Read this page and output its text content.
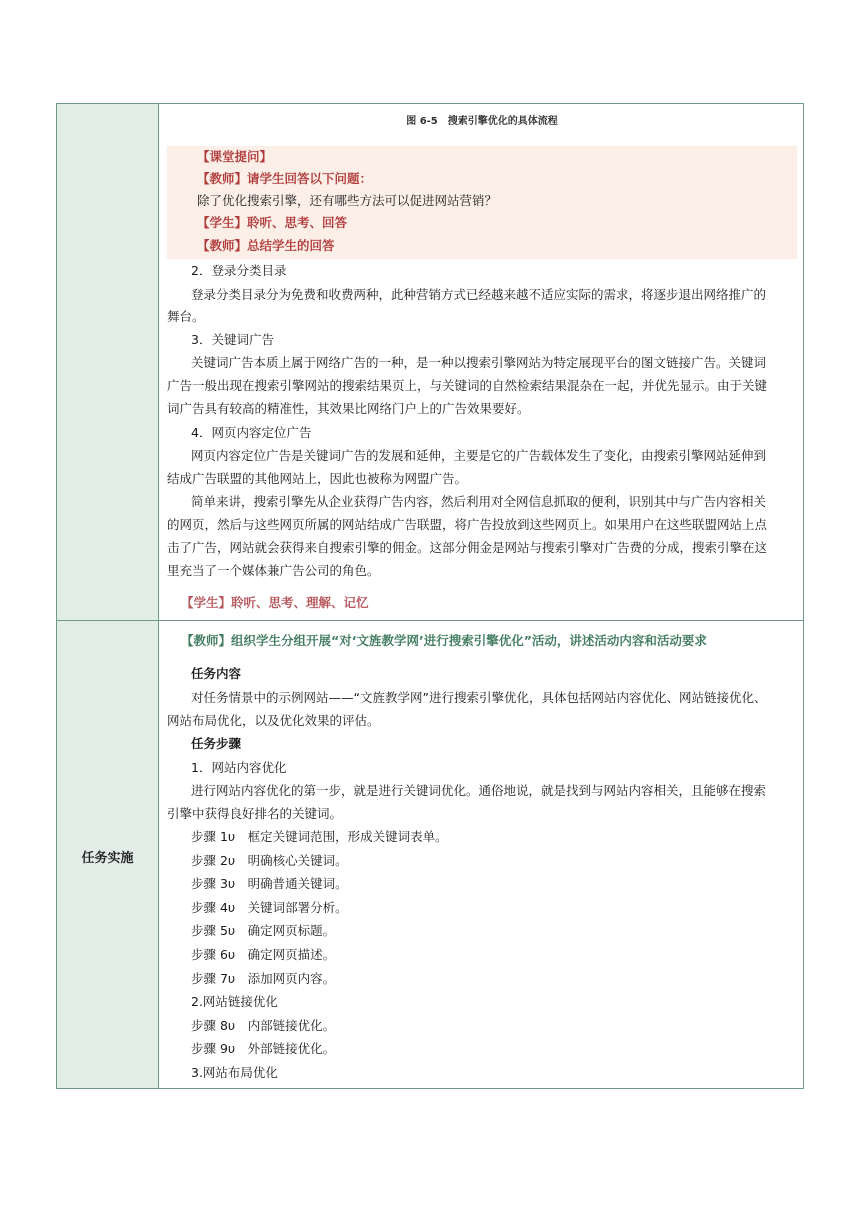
任务实施
图 6-5　搜索引擎优化的具体流程
【课堂提问】
【教师】请学生回答以下问题：
除了优化搜索引擎，还有哪些方法可以促进网站营销？
【学生】聆听、思考、回答
【教师】总结学生的回答
2．登录分类目录
登录分类目录分为免费和收费两种，此种营销方式已经越来越不适应实际的需求，将逐步退出网络推广的
舞台。
3．关键词广告
关键词广告本质上属于网络广告的一种，是一种以搜索引擎网站为特定展现平台的图文链接广告。关键词
广告一般出现在搜索引擎网站的搜索结果页上，与关键词的自然检索结果混杂在一起，并优先显示。由于关键
词广告具有较高的精准性，其效果比网络门户上的广告效果要好。
4．网页内容定位广告
网页内容定位广告是关键词广告的发展和延伸，主要是它的广告载体发生了变化，由搜索引擎网站延伸到
结成广告联盟的其他网站上，因此也被称为网盟广告。
简单来讲，搜索引擎先从企业获得广告内容，然后利用对全网信息抓取的便利，识别其中与广告内容相关
的网页，然后与这些网页所属的网站结成广告联盟，将广告投放到这些网页上。如果用户在这些联盟网站上点
击了广告，网站就会获得来自搜索引擎的佣金。这部分佣金是网站与搜索引擎对广告费的分成，搜索引擎在这
里充当了一个媒体兼广告公司的角色。
【学生】聆听、思考、理解、记忆
【教师】组织学生分组开展“对‘文旌教学网’进行搜索引擎优化”活动，讲述活动内容和活动要求
任务内容
对任务情景中的示例网站——“文旌教学网”进行搜索引擎优化，具体包括网站内容优化、网站链接优化、
网站布局优化，以及优化效果的评估。
任务步骤
1．网站内容优化
进行网站内容优化的第一步，就是进行关键词优化。通俗地说，就是找到与网站内容相关，且能够在搜索
引擎中获得良好排名的关键词。
步骤 1υ　框定关键词范围，形成关键词表单。
步骤 2υ　明确核心关键词。
步骤 3υ　明确普通关键词。
步骤 4υ　关键词部署分析。
步骤 5υ　确定网页标题。
步骤 6υ　确定网页描述。
步骤 7υ　添加网页内容。
2.网站链接优化
步骤 8υ　内部链接优化。
步骤 9υ　外部链接优化。
3.网站布局优化
